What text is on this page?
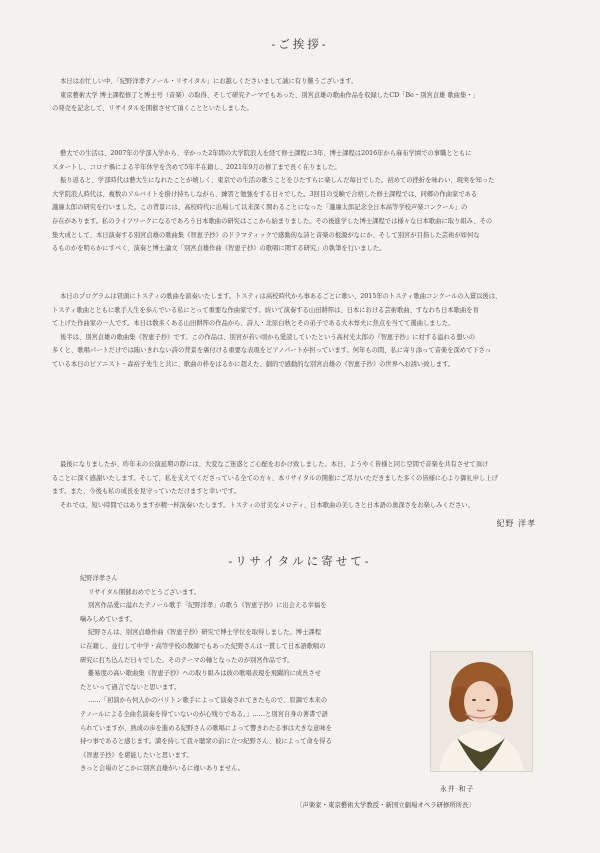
-ご挨拶-
本日はお忙しい中、「紀野洋孝テノール・リサイタル」にお越しくださいまして誠に有り難うございます。
東京藝術大学 博士課程修了と博士号（音楽）の取得、そして研究テーマでもあった、別宮貞雄の歌曲作品を収録したCD「Be・別宮貞雄 歌曲集・」
の発売を記念して、リサイタルを開催させて頂くことといたしました。
藝大での生活は、2007年の学部入学から、辛かった2年間の大学院浪人を経て修士課程に3年、博士課程は2016年から麻布学園での事職とともに
スタートし、コロナ禍による半年休学を含めて5年半在籍し、2021年9月の修了まで長く在りました。
振り返ると、学部時代は藝大生になれたことが嬉しく、東京での生活の歌うことをひたすらに楽しんだ毎日でした。初めての挫折を味わい、現実を知った
大学院浪人時代は、複数のアルバイトを掛け持ちしながら、練習と勉強をする日々でした。3回目の受験で合格した修士課程では、同郷の作曲家である
瀧廉太郎の研究を行いました。この背景には、高校時代に出場して以来深く関わることになった「瀧廉太郎記念全日本高等学校声楽コンクール」の
存在があります。私のライフワークになるであろう日本歌曲の研究はここから始まりました。その後進学した博士課程では様々な日本歌曲に取り組み、その
集大成として、本日演奏する別宮貞雄の歌曲集《智恵子抄》のドラマティックで感動的な詩と音楽の根源がなにか、そして別宮が目指した芸術が如何な
るものかを明らかにすべく、演奏と博士論文「別宮貞雄作曲《智恵子抄》の歌唱に関する研究」の執筆を行いました。
本日のプログラムは冒頭にトスティの歌曲を演奏いたします。トスティは高校時代から事あるごとに歌い、2015年のトスティ歌曲コンクールの入賞以後は、
トスティ歌曲とともに歌手人生を歩んでいる私にとって重要な作曲家です。続いて演奏する山田耕筰は、日本における芸術歌曲、すなわち日本歌曲を育
て上げた作曲家の一人です。本日は数多くある山田耕筰の作品から、詩人・北原白秋とその弟子である大木惇夫に焦点を当てて選曲しました。
後半は、別宮貞雄の歌曲集《智恵子抄》です。この作品は、別宮が若い頃から愛読していたという高村光太郎の『智恵子抄』に対する溢れる想いの
多くと、歌唱パートだけでは賄いきれない詩の背景を裏付ける重要な表現をピアノパートが担っています。何年もの間、私に寄り添って音楽を深めて下さっ
ている本日のピアニスト・森裕子先生と共に、歌曲の枠をはるかに超えた、劇的で感動的な別宮貞雄の《智恵子抄》の世界へお誘い致します。
最後になりましたが、昨年末の公演延期の際には、大変なご迷惑とご心配をおかけ致しました。本日、ようやく皆様と同じ空間で音楽を共有させて頂け
ることに深く感謝いたします。そして、私を支えてくださっている全ての方々、本リサイタルの開催にご尽力いただきました多くの皆様に心より御礼申し上げ
ます。また、今後も私の成長を見守っていただけますと幸いです。
それでは、短い時間ではありますが精一杯演奏いたします。トスティの甘美なメロディ、日本歌曲の美しさと日本語の奥深さをお楽しみください。
紀野 洋孝
-リサイタルに寄せて-
紀野洋孝さん
リサイタル開催おめでとうございます。
別宮作品愛に溢れたテノール歌手「紀野洋孝」の歌う《智恵子抄》に出会える幸福を
噛みしめています。
紀野さんは、別宮貞雄作曲《智恵子抄》研究で博士学位を取得しました。博士課程
に在籍し、並行して中学・高等学校の教師でもあった紀野さんは一貫して日本語歌唱の
研究に打ち込んだ日々でした。そのテーマの軸となったのが別宮作品です。
難易度の高い歌曲集《智恵子抄》への取り組みは彼の歌唱表現を飛躍的に成長させ
たといって過言でないと思います。
……「初演から何人かのバリトン歌手によって演奏されてきたもので、原調で本来の
テノールによる全曲名演奏を得ていないのが心残りである。」……と別宮自身の著書で語
られていますが、熟成の歩を進める紀野さんの歌唱によって響きわたる事は大きな意味を
持つ事であると感じます。満を持して我々聴衆の前に立つ紀野さん、彼によって命を得る
《智恵子抄》を堪能したいと思います。
きっと会場のどこかに別宮貞雄がいるに違いありません。
永井 和子
〔声楽家・東京藝術大学教授・新国立劇場オペラ研修所所長〕
